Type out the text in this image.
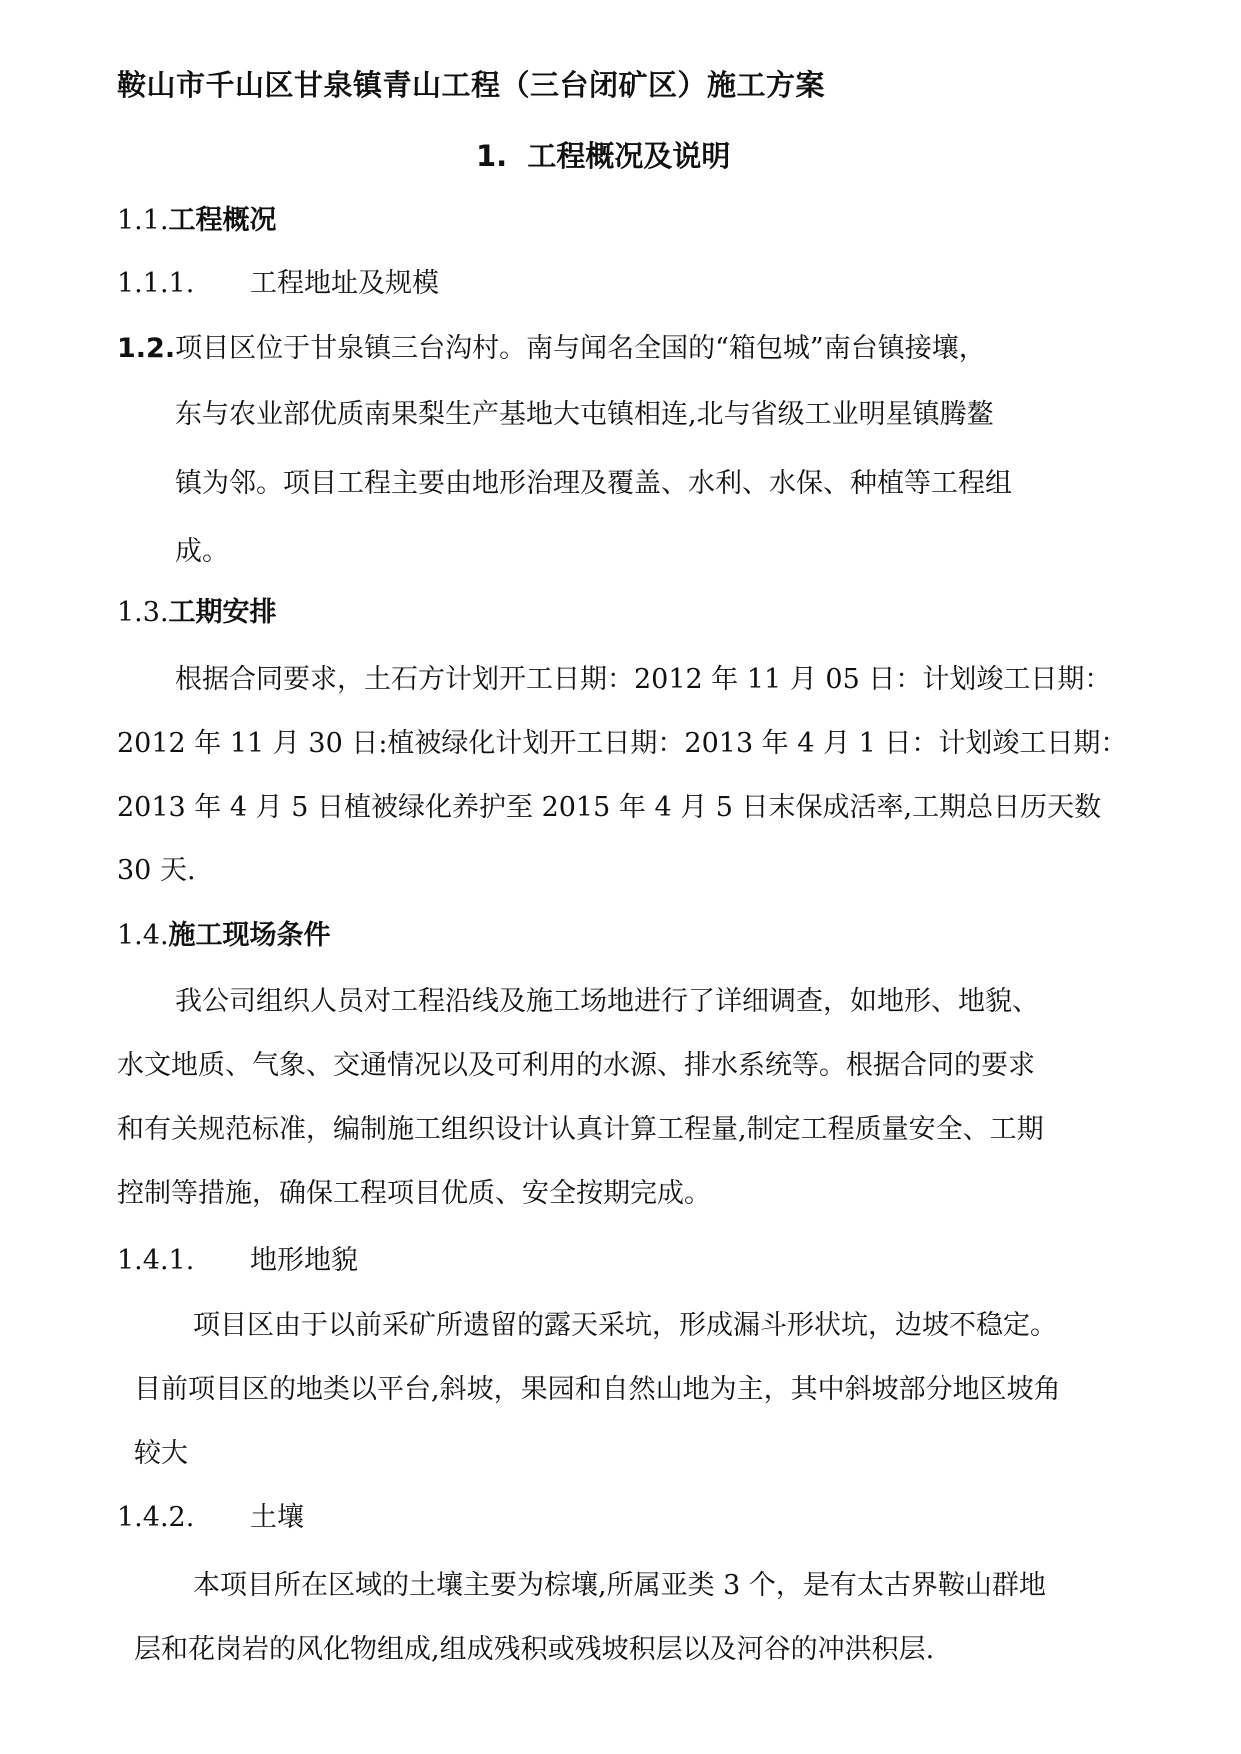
鞍山市千山区甘泉镇青山工程（三台闭矿区）施工方案
1. 工程概况及说明
1.1.工程概况
1.1.1. 工程地址及规模
1.2.项目区位于甘泉镇三台沟村。南与闻名全国的“箱包城”南台镇接壤，
东与农业部优质南果梨生产基地大屯镇相连,北与省级工业明星镇腾鳌
镇为邻。项目工程主要由地形治理及覆盖、水利、水保、种植等工程组
成。
1.3.工期安排
根据合同要求，土石方计划开工日期：2012 年 11 月 05 日：计划竣工日期：
2012 年 11 月 30 日:植被绿化计划开工日期：2013 年 4 月 1 日：计划竣工日期：
2013 年 4 月 5 日植被绿化养护至 2015 年 4 月 5 日末保成活率,工期总日历天数
30 天.
1.4.施工现场条件
我公司组织人员对工程沿线及施工场地进行了详细调查，如地形、地貌、
水文地质、气象、交通情况以及可利用的水源、排水系统等。根据合同的要求
和有关规范标准，编制施工组织设计认真计算工程量,制定工程质量安全、工期
控制等措施，确保工程项目优质、安全按期完成。
1.4.1. 地形地貌
项目区由于以前采矿所遗留的露天采坑，形成漏斗形状坑，边坡不稳定。
目前项目区的地类以平台,斜坡，果园和自然山地为主，其中斜坡部分地区坡角
较大
1.4.2. 土壤
本项目所在区域的土壤主要为棕壤,所属亚类 3 个，是有太古界鞍山群地
层和花岗岩的风化物组成,组成残积或残坡积层以及河谷的冲洪积层.
